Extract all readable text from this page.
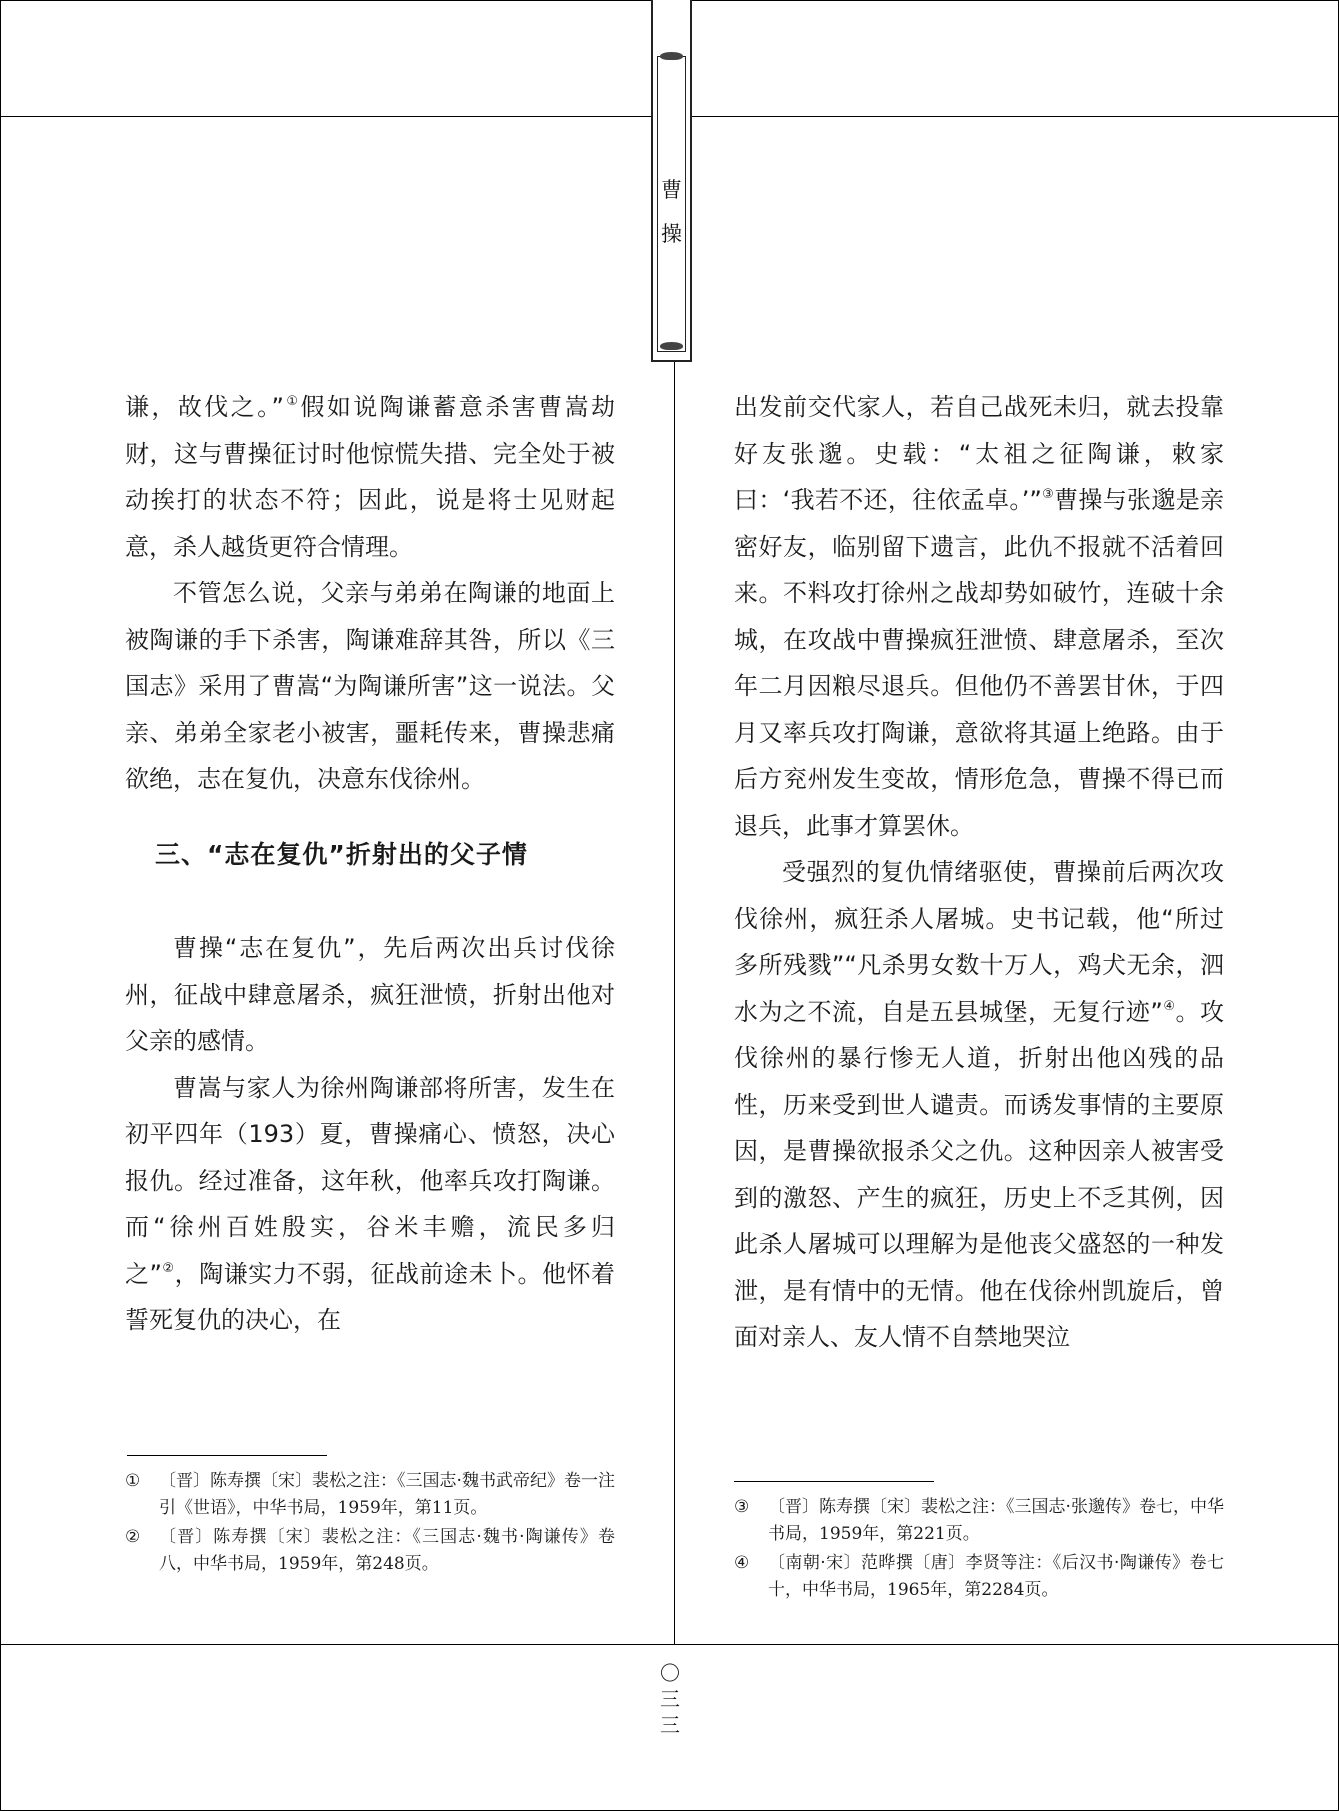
曹
操

谦，故伐之。”①假如说陶谦蓄意杀害曹嵩劫财，这与曹操征讨时他惊慌失措、完全处于被动挨打的状态不符；因此，说是将士见财起意，杀人越货更符合情理。

不管怎么说，父亲与弟弟在陶谦的地面上被陶谦的手下杀害，陶谦难辞其咎，所以《三国志》采用了曹嵩“为陶谦所害”这一说法。父亲、弟弟全家老小被害，噩耗传来，曹操悲痛欲绝，志在复仇，决意东伐徐州。

三、“志在复仇”折射出的父子情

曹操“志在复仇”，先后两次出兵讨伐徐州，征战中肆意屠杀，疯狂泄愤，折射出他对父亲的感情。

曹嵩与家人为徐州陶谦部将所害，发生在初平四年（193）夏，曹操痛心、愤怒，决心报仇。经过准备，这年秋，他率兵攻打陶谦。而“徐州百姓殷实，谷米丰赡，流民多归之”②，陶谦实力不弱，征战前途未卜。他怀着誓死复仇的决心，在

出发前交代家人，若自己战死未归，就去投靠好友张邈。史载：“太祖之征陶谦，敕家曰：‘我若不还，往依孟卓。’”③曹操与张邈是亲密好友，临别留下遗言，此仇不报就不活着回来。不料攻打徐州之战却势如破竹，连破十余城，在攻战中曹操疯狂泄愤、肆意屠杀，至次年二月因粮尽退兵。但他仍不善罢甘休，于四月又率兵攻打陶谦，意欲将其逼上绝路。由于后方兖州发生变故，情形危急，曹操不得已而退兵，此事才算罢休。

受强烈的复仇情绪驱使，曹操前后两次攻伐徐州，疯狂杀人屠城。史书记载，他“所过多所残戮”“凡杀男女数十万人，鸡犬无余，泗水为之不流，自是五县城堡，无复行迹”④。攻伐徐州的暴行惨无人道，折射出他凶残的品性，历来受到世人谴责。而诱发事情的主要原因，是曹操欲报杀父之仇。这种因亲人被害受到的激怒、产生的疯狂，历史上不乏其例，因此杀人屠城可以理解为是他丧父盛怒的一种发泄，是有情中的无情。他在伐徐州凯旋后，曾面对亲人、友人情不自禁地哭泣

①	〔晋〕陈寿撰〔宋〕裴松之注：《三国志·魏书武帝纪》卷一注引《世语》，中华书局，1959年，第11页。
②	〔晋〕陈寿撰〔宋〕裴松之注：《三国志·魏书·陶谦传》卷八，中华书局，1959年，第248页。
③	〔晋〕陈寿撰〔宋〕裴松之注：《三国志·张邈传》卷七，中华书局，1959年，第221页。
④	〔南朝·宋〕范晔撰〔唐〕李贤等注：《后汉书·陶谦传》卷七十，中华书局，1965年，第2284页。
〇
三
三
